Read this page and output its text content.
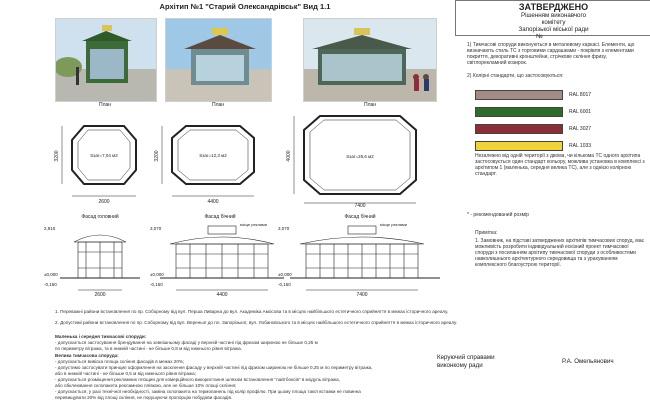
Архітип №1 "Старий Олександрівськ" Вид 1.1	ЗАТВЕРДЖЕНО
Рішенням виконавчого
комітету
Запорізької міської ради
№
План	План	План
Sзаг=7,04 м2
2600
3200	Sзаг=12,3 м2
4400
3200	Sзаг=25,6 м2
7400
4000
Фасад головний	Фасад бічний	Фасад бічний
2,910
±0,000
-0,150
2600
місце реклами
3,070
±0,000
-0,150
4400
місце реклами
3,070
±0,000
-0,150
7400
1) Тимчасові споруди виконуються в металевому каркасі. Елементи, що визначають стиль ТС з торговими сардашками - покрівля з елементами покриття, декоративні кронштейни, стрічкове скління фризу, світлорекламний козирок.
2) Колірні стандарти, що застосовуються:
RAL 8017
RAL 6001
RAL 3027
RAL 1033
Незалежно від одній території з двома, чи кількома ТС одного архітипа застосовується один стандарт кольору, можлива установка в комплексі з архітипом 1 (маленька, середня велика ТС), але з однією колірною стандарт.
* - рекомендований розмір
Примітка:
1. Замовник, на підставі затверджених архітипів тимчасових споруд, має можливість розробити індивідуальний ескізний проект тимчасової споруди з посиланням архітипу тимчасової споруди з особливостями навколишнього архітектурного середовища та з урахуванням комплексного благоустрою території.
1. Переважні райони встановлення по пр. Соборному від вул. Перша Ливарна до вул. Академіка Амосова та в місцях найбільшого естетичного сприйняття в межах історичного ареалу.
2. Допустимі райони встановлення по пр. Соборному від вул. Вереньої до пл. Запорізької, вул. Лобановського та в місцях найбільшого естетичного сприйняття в межах історичного ареалу.
Маленька і середня тимчасові споруди:
- допускається застосування брендування на зовнішньому фасаді у верхній частині під фризом шириною не більше 0,25 м
по периметру вітража, та в нижній частині - не більше 0,8 м від нижнього рівня вітража.
Велика тимчасова споруда:
- допускається вивіска площа скління фасадів в межах 20%;
- допустимо застосувати принцип оформлення на засклення фасаду у верхній частині під фризом шириною не більше 0,25 м по периметру вітража,
або в нижній частині - не більше 0,5 м від нижнього рівня вітража;
- допускається розміщення рекламних площин для комерційного використання шляхом встановлення "лайтбоксів" в модуль вітража,
або обклеювання склопакета рекламною плівкою, але не більше 10% площі скління;
- допускається, у разі технічної необхідності, заміна склопакета на термопанель під колір профілю. При цьому площа такої вставки не повинна
перевищувати 20% від площі скління, не порушуючи пропорцію побудови фасадів.
Керуючий справами
виконкому ради
Р.А. Омельянович
